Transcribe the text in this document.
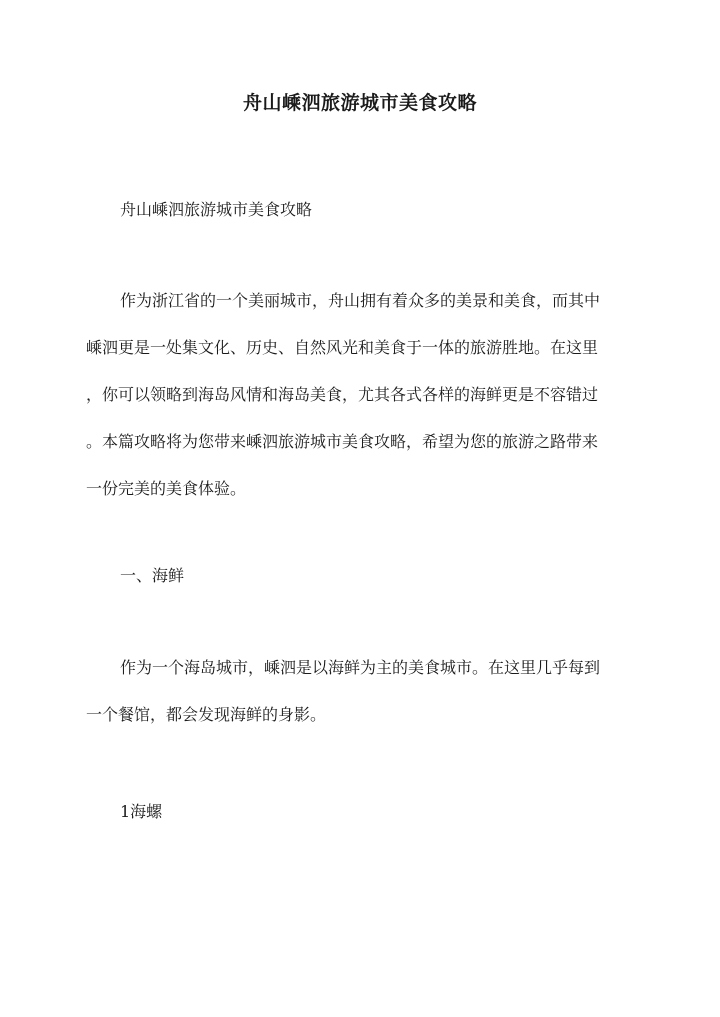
舟山嵊泗旅游城市美食攻略

舟山嵊泗旅游城市美食攻略

作为浙江省的一个美丽城市，舟山拥有着众多的美景和美食，而其中
嵊泗更是一处集文化、历史、自然风光和美食于一体的旅游胜地。在这里
，你可以领略到海岛风情和海岛美食，尤其各式各样的海鲜更是不容错过
。本篇攻略将为您带来嵊泗旅游城市美食攻略，希望为您的旅游之路带来
一份完美的美食体验。

一、海鲜

作为一个海岛城市，嵊泗是以海鲜为主的美食城市。在这里几乎每到
一个餐馆，都会发现海鲜的身影。

1海螺
